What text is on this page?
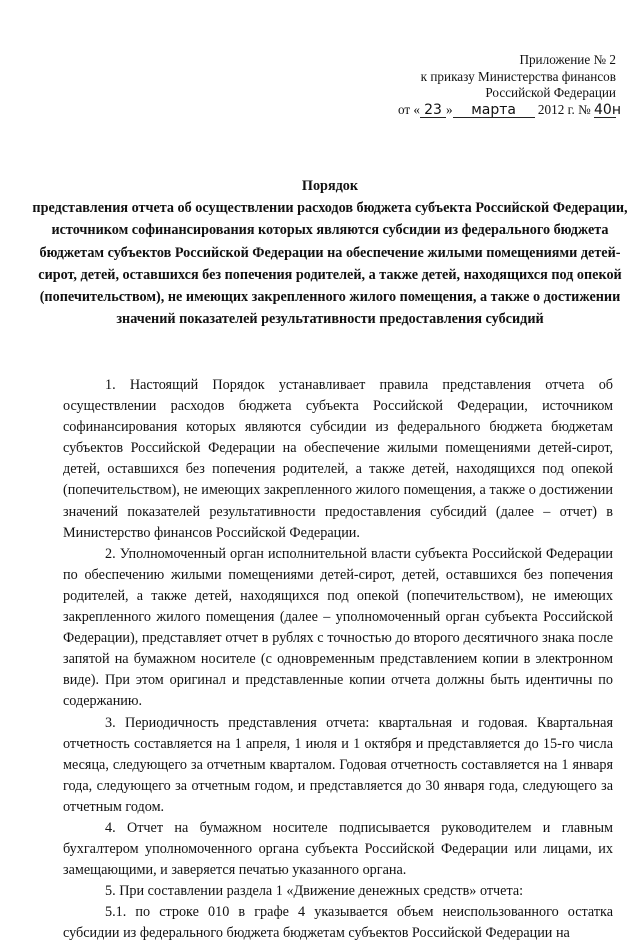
Приложение № 2
к приказу Министерства финансов
Российской Федерации
от « 23 » марта 2012 г. № 40н
Порядок
представления отчета об осуществлении расходов бюджета субъекта Российской Федерации, источником софинансирования которых являются субсидии из федерального бюджета бюджетам субъектов Российской Федерации на обеспечение жилыми помещениями детей-сирот, детей, оставшихся без попечения родителей, а также детей, находящихся под опекой (попечительством), не имеющих закрепленного жилого помещения, а также о достижении значений показателей результативности предоставления субсидий

1. Настоящий Порядок устанавливает правила представления отчета об осуществлении расходов бюджета субъекта Российской Федерации, источником софинансирования которых являются субсидии из федерального бюджета бюджетам субъектов Российской Федерации на обеспечение жилыми помещениями детей-сирот, детей, оставшихся без попечения родителей, а также детей, находящихся под опекой (попечительством), не имеющих закрепленного жилого помещения, а также о достижении значений показателей результативности предоставления субсидий (далее – отчет) в Министерство финансов Российской Федерации.

2. Уполномоченный орган исполнительной власти субъекта Российской Федерации по обеспечению жилыми помещениями детей-сирот, детей, оставшихся без попечения родителей, а также детей, находящихся под опекой (попечительством), не имеющих закрепленного жилого помещения (далее – уполномоченный орган субъекта Российской Федерации), представляет отчет в рублях с точностью до второго десятичного знака после запятой на бумажном носителе (с одновременным представлением копии в электронном виде). При этом оригинал и представленные копии отчета должны быть идентичны по содержанию.

3. Периодичность представления отчета: квартальная и годовая. Квартальная отчетность составляется на 1 апреля, 1 июля и 1 октября и представляется до 15-го числа месяца, следующего за отчетным кварталом. Годовая отчетность составляется на 1 января года, следующего за отчетным годом, и представляется до 30 января года, следующего за отчетным годом.

4. Отчет на бумажном носителе подписывается руководителем и главным бухгалтером уполномоченного органа субъекта Российской Федерации или лицами, их замещающими, и заверяется печатью указанного органа.

5. При составлении раздела 1 «Движение денежных средств» отчета:

5.1. по строке 010 в графе 4 указывается объем неиспользованного остатка субсидии из федерального бюджета бюджетам субъектов Российской Федерации на
